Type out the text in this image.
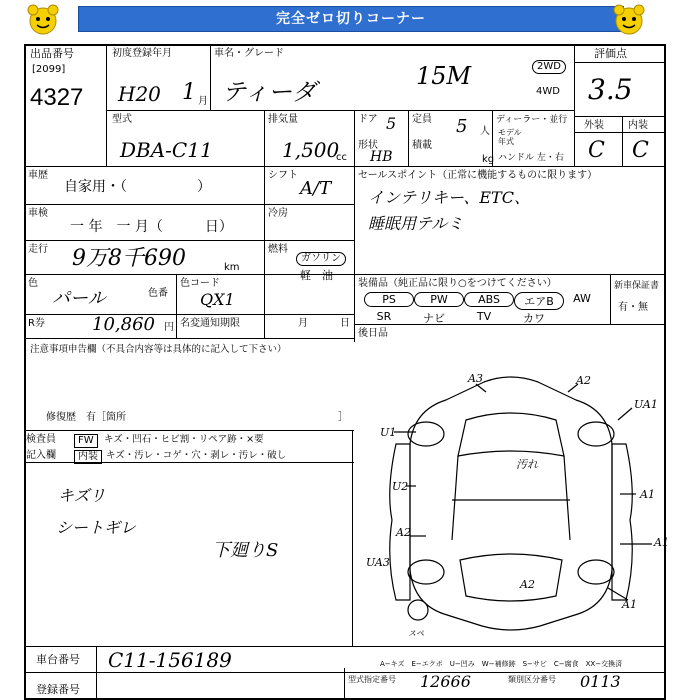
完全ゼロ切りコーナー
出品番号
[2099]
4327
初度登録年月
H20 1 月
車名・グレード
ティーダ
15M	2WD
4WD
評価点
3.5
外装 内装
C C
型式
DBA-C11
排気量
1,500
cc
ドア 5 定員 5 人
形状
HB
積載
kg
ディーラー・並行
モデル年式
ハンドル 左・右
車歴
自家用・（　　　　　）
シフト
A/T
車検
一 年　一 月（　　　日）
冷房
走行 9万8千690	km
燃料
ガソリン
軽　油
色
パール	色番
色コード
QX1
R券	10,860 円 名変通知期限	月	日
セールスポイント（正常に機能するものに限ります）
インテリキー、ETC、
睡眠用テルミ
装備品（純正品に限り○をつけてください）
PS	PW	ABS	エアB	AW
SR	ナビ	TV	カワ
新車保証書
有・無
後日品
注意事項申告欄（不具合内容等は具体的に記入して下さい）
修復歴　有［箇所	］
検査員	FW	キズ・凹石・ヒビ割・リペア跡・×要
記入欄	内装 キズ・汚レ・コゲ・穴・剥レ・汚レ・破し
キズリ
シートギレ
下廻りS
車台番号 C11-156189
登録番号
A−キズ　E−エクボ　U−凹み　W−補修跡　S−サビ　C−腐食　XX−交換済
型式指定番号 12666	類別区分番号 0113
A3	A2
UA1
U1
U2
A1
A2
UA3
A2
A1
汚れ
スペ
A1
